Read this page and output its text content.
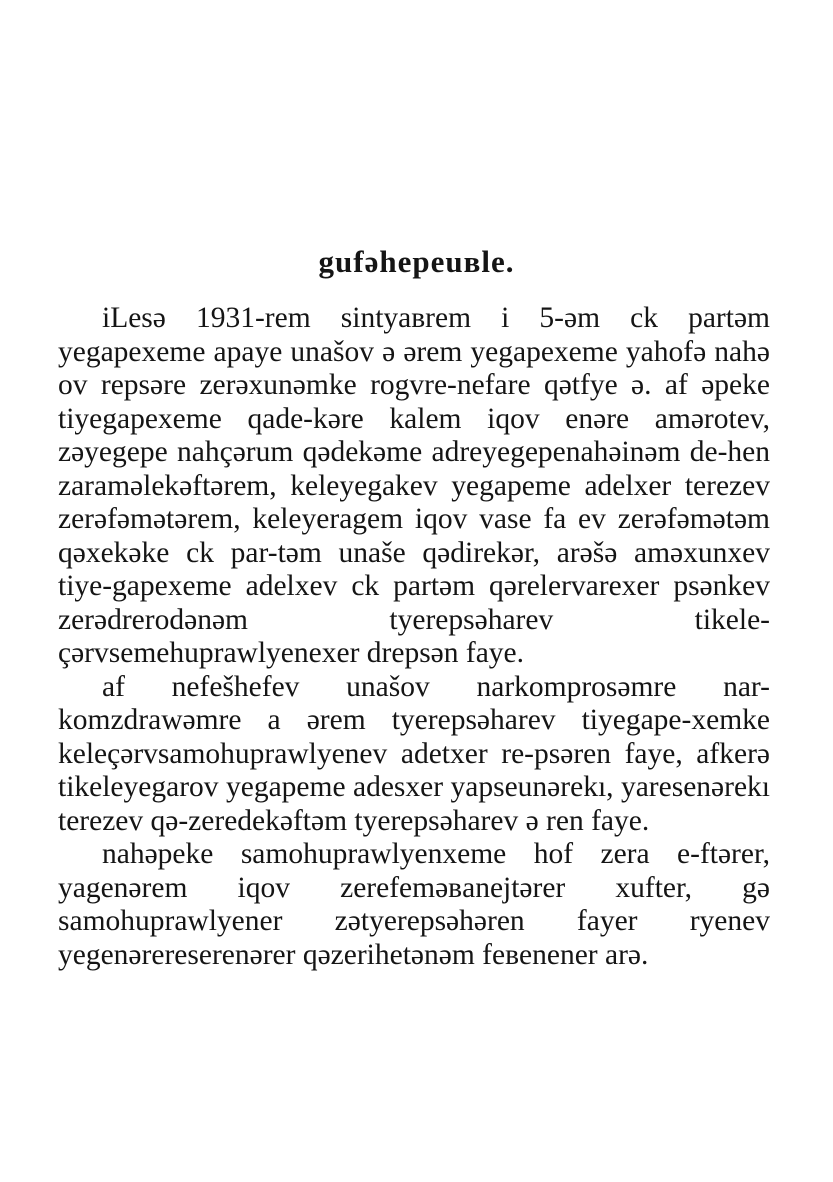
gufəhepeuвle.

iLesə 1931-rem sintyaвrem i 5-əm ck partəm yegapexeme apaye unašov ə ərem yegapexeme yahofə nahə ov repsəre zerəxunəmke rogvre-nefare qətfye ə. af əpeke tiyegapexeme qade-kəre kalem iqov enəre amərotev, zəyegepe nahçərum qədekəme adreyegepenahəinəm de-hen zaraməlekəftərem, keleyegakev yegapeme adelxer terezev zerəfəmətərem, keleyeragem iqov vase fa ev zerəfəmətəm qəxekəke ck par-təm unaše qədirekər, arəšə aməxunxev tiye-gapexeme adelxev ck partəm qərelervarexer psənkev zerədrerodənəm tyerepsəharev tikele-çərvsemehuprawlyenexer drepsən faye.

af nefešhefev unašov narkomprosəmre nar-komzdrawəmre a ərem tyerepsəharev tiyegape-xemke keleçərvsamohuprawlyenev adetxer re-psəren faye, afkerə tikeleyegarov yegapeme adesxer yapseunərekı, yaresenərekı terezev qə-zeredekəftəm tyerepsəharev ə ren faye.

nahəpeke samohuprawlyenxeme hof zera e-ftərer, yagenərem iqov zerefeməвanejtərer xufter, gə samohuprawlyener zətyerepsəhəren fayer ryenev yegenərereserenərer qəzerihetənəm feвenener arə.
